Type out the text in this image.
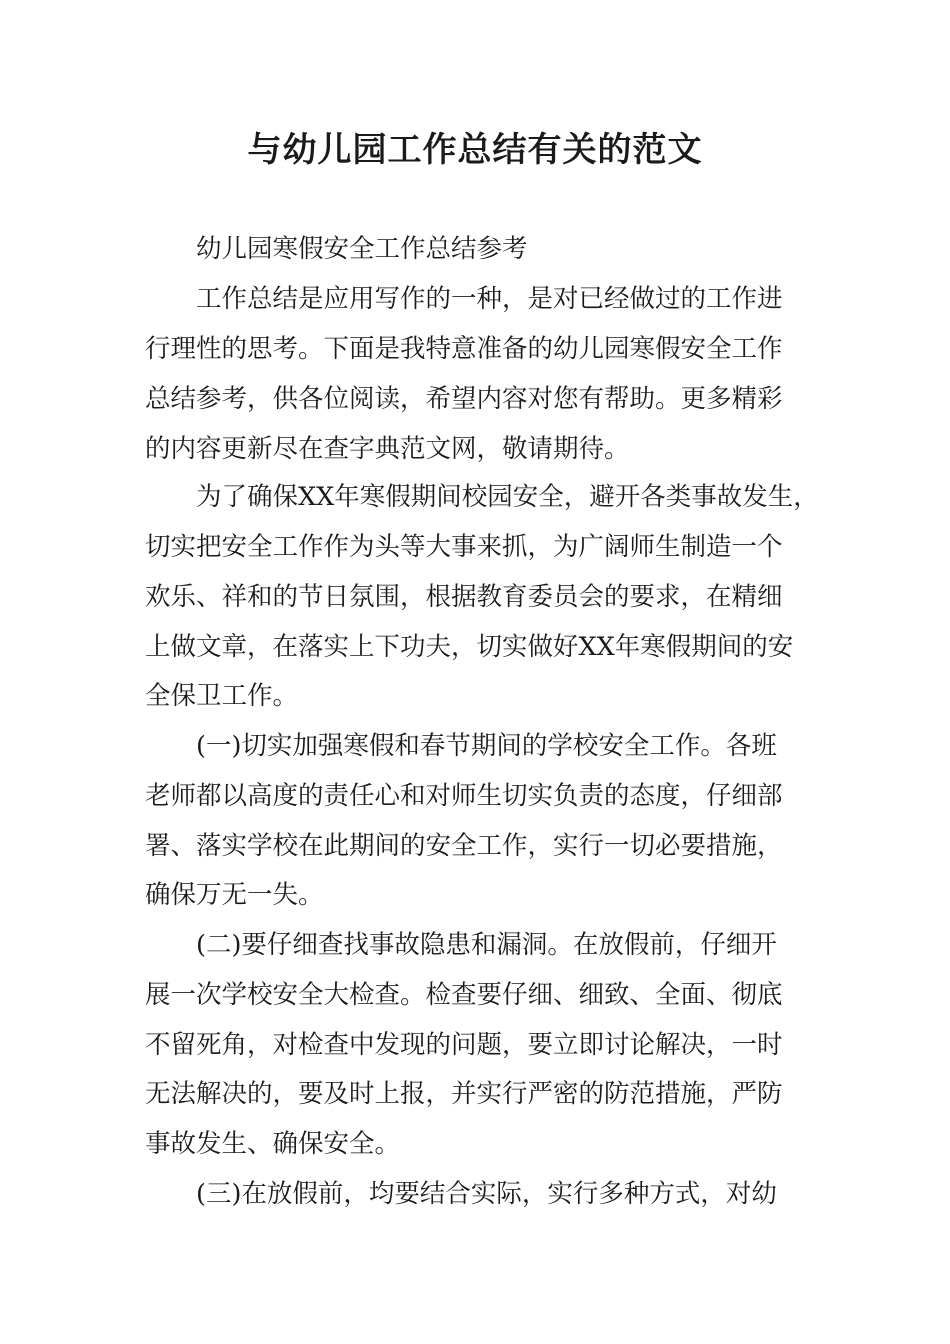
与幼儿园工作总结有关的范文

幼儿园寒假安全工作总结参考

工作总结是应用写作的一种，是对已经做过的工作进

行理性的思考。下面是我特意准备的幼儿园寒假安全工作

总结参考，供各位阅读，希望内容对您有帮助。更多精彩

的内容更新尽在查字典范文网，敬请期待。

为了确保XX年寒假期间校园安全，避开各类事故发生，

切实把安全工作作为头等大事来抓，为广阔师生制造一个

欢乐、祥和的节日氛围，根据教育委员会的要求，在精细

上做文章，在落实上下功夫，切实做好XX年寒假期间的安

全保卫工作。

(一)切实加强寒假和春节期间的学校安全工作。各班

老师都以高度的责任心和对师生切实负责的态度，仔细部

署、落实学校在此期间的安全工作，实行一切必要措施，

确保万无一失。

(二)要仔细查找事故隐患和漏洞。在放假前，仔细开

展一次学校安全大检查。检查要仔细、细致、全面、彻底

不留死角，对检查中发现的问题，要立即讨论解决，一时

无法解决的，要及时上报，并实行严密的防范措施，严防

事故发生、确保安全。

(三)在放假前，均要结合实际，实行多种方式，对幼
